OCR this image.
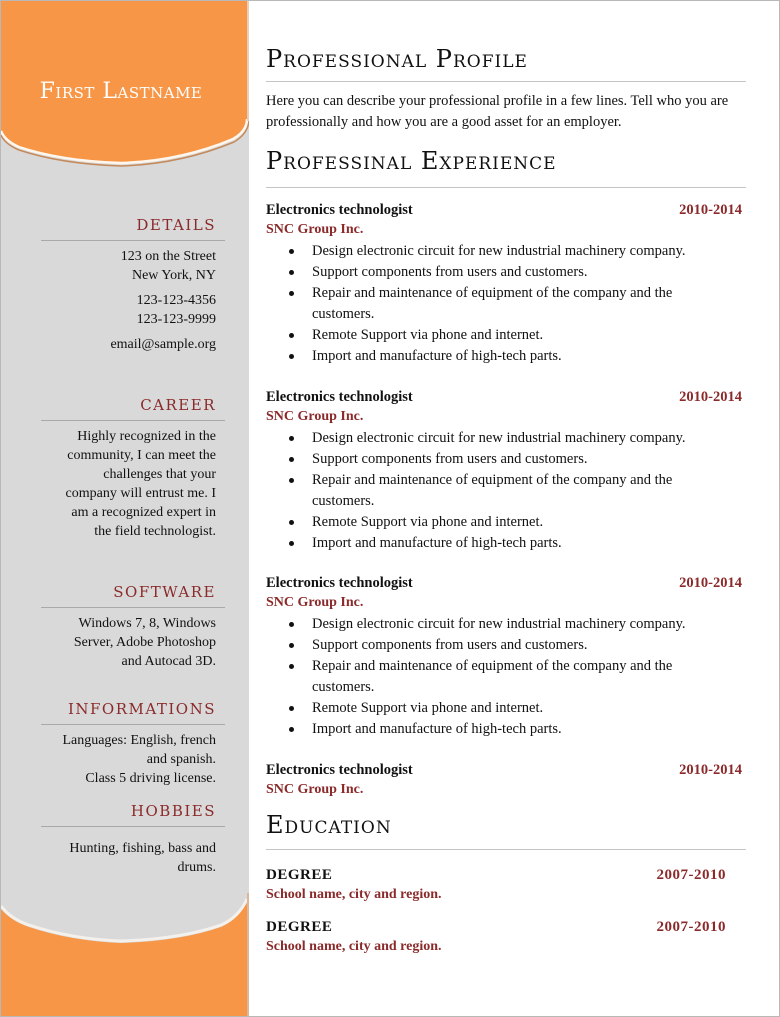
First Lastname
DETAILS

123 on the Street
New York, NY

123-123-4356
123-123-9999

email@sample.org

CAREER
Highly recognized in the
community, I can meet the
challenges that your
company will entrust me. I
am a recognized expert in
the field technologist.
SOFTWARE
Windows 7, 8, Windows
Server, Adobe Photoshop
and Autocad 3D.
INFORMATIONS
Languages: English, french
and spanish.
Class 5 driving license.
HOBBIES
Hunting, fishing, bass and
drums.
Professional Profile
Here you can describe your professional profile in a few lines. Tell who you are professionally and how you are a good asset for an employer.
Professinal Experience
Electronics technologist	2010-2014
SNC Group Inc.
Design electronic circuit for new industrial machinery company.
Support components from users and customers.
Repair and maintenance of equipment of the company and the customers.
Remote Support via phone and internet.
Import and manufacture of high-tech parts.
Electronics technologist	2010-2014
SNC Group Inc.
Design electronic circuit for new industrial machinery company.
Support components from users and customers.
Repair and maintenance of equipment of the company and the customers.
Remote Support via phone and internet.
Import and manufacture of high-tech parts.
Electronics technologist	2010-2014
SNC Group Inc.
Design electronic circuit for new industrial machinery company.
Support components from users and customers.
Repair and maintenance of equipment of the company and the customers.
Remote Support via phone and internet.
Import and manufacture of high-tech parts.
Electronics technologist	2010-2014
SNC Group Inc.
Education
DEGREE	2007-2010
School name, city and region.
DEGREE	2007-2010
School name, city and region.
